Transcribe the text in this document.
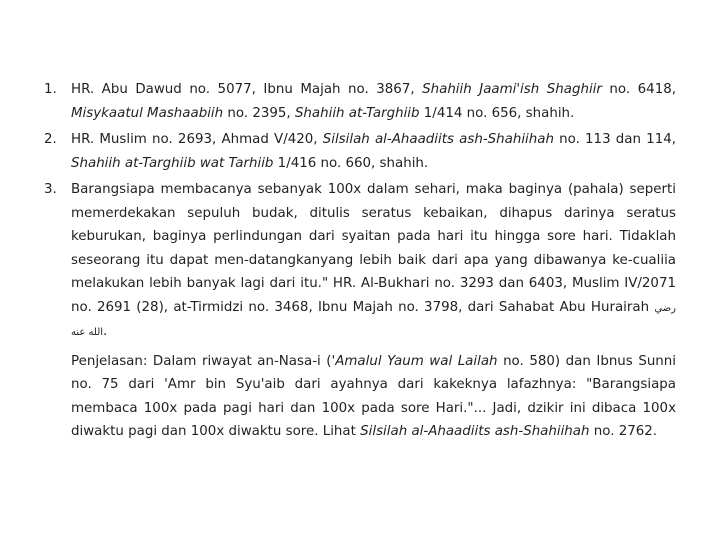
1. HR. Abu Dawud no. 5077, Ibnu Majah no. 3867, Shahiih Jaami'ish Shaghiir no. 6418, Misykaatul Mashaabiih no. 2395, Shahiih at-Targhiib 1/414 no. 656, shahih.
2. HR. Muslim no. 2693, Ahmad V/420, Silsilah al-Ahaadiits ash-Shahiihah no. 113 dan 114, Shahiih at-Targhiib wat Tarhiib 1/416 no. 660, shahih.
3. Barangsiapa membacanya sebanyak 100x dalam sehari, maka baginya (pahala) seperti memerdekakan sepuluh budak, ditulis seratus kebaikan, dihapus darinya seratus keburukan, baginya perlindungan dari syaitan pada hari itu hingga sore hari. Tidaklah seseorang itu dapat men-datangkanyang lebih baik dari apa yang dibawanya ke-cualiia melakukan lebih banyak lagi dari itu." HR. Al-Bukhari no. 3293 dan 6403, Muslim IV/2071 no. 2691 (28), at-Tirmidzi no. 3468, Ibnu Majah no. 3798, dari Sahabat Abu Hurairah رضي الله عنه.

Penjelasan: Dalam riwayat an-Nasa-i ('Amalul Yaum wal Lailah no. 580) dan Ibnus Sunni no. 75 dari 'Amr bin Syu'aib dari ayahnya dari kakeknya lafazhnya: "Barangsiapa membaca 100x pada pagi hari dan 100x pada sore Hari."... Jadi, dzikir ini dibaca 100x diwaktu pagi dan 100x diwaktu sore. Lihat Silsilah al-Ahaadiits ash-Shahiihah no. 2762.
